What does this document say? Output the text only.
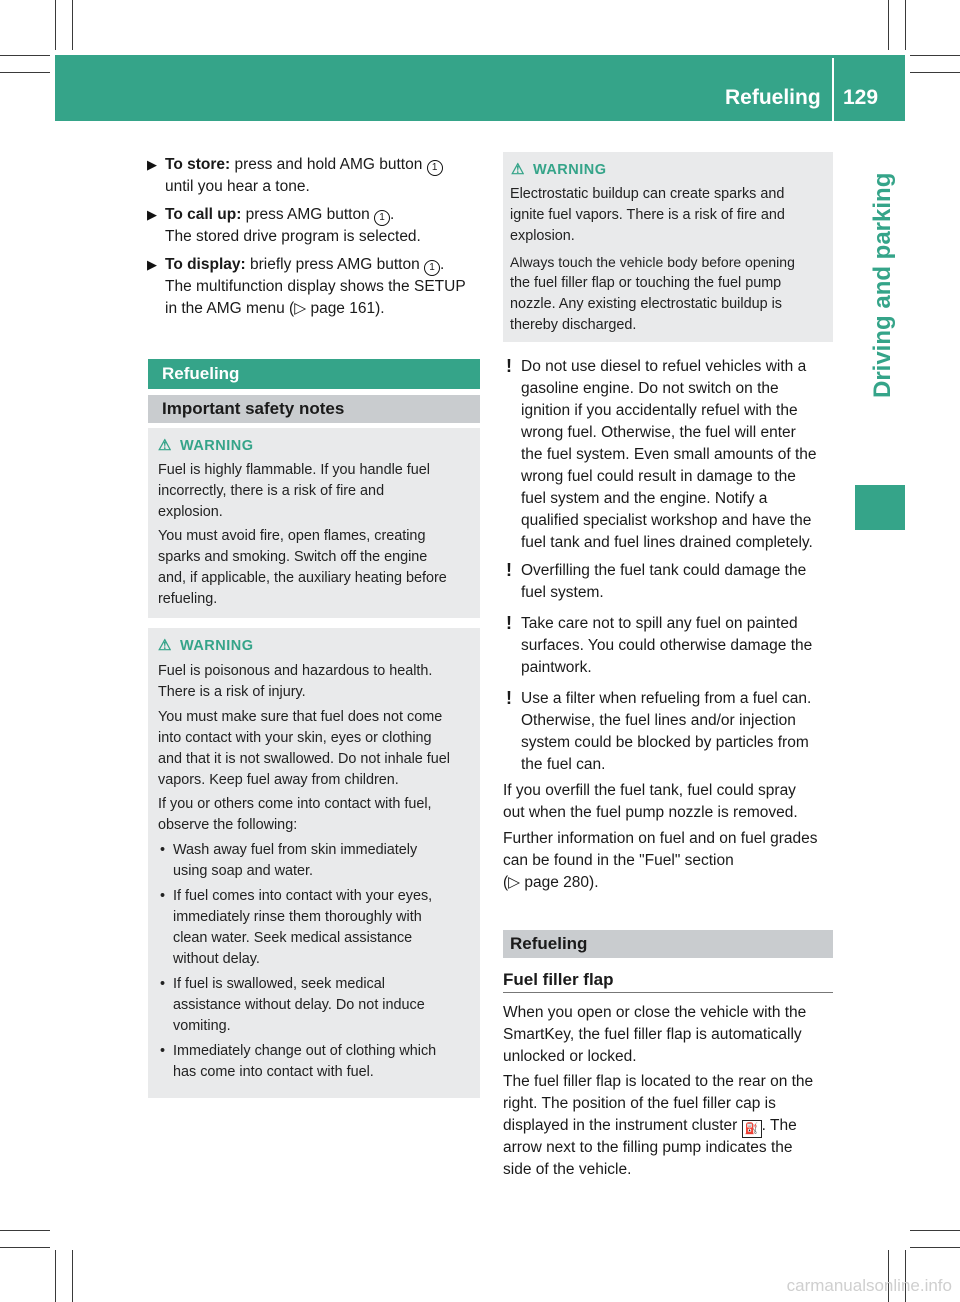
Refueling 129
Driving and parking
▶ To store: press and hold AMG button 1
until you hear a tone.
▶ To call up: press AMG button 1 .
The stored drive program is selected.
▶ To display: briefly press AMG button 1 .
The multifunction display shows the SETUP
in the AMG menu (▷ page 161).
Refueling
Important safety notes
⚠ WARNING
Fuel is highly flammable. If you handle fuel
incorrectly, there is a risk of fire and
explosion.
You must avoid fire, open flames, creating
sparks and smoking. Switch off the engine
and, if applicable, the auxiliary heating before
refueling.
⚠ WARNING
Fuel is poisonous and hazardous to health.
There is a risk of injury.
You must make sure that fuel does not come
into contact with your skin, eyes or clothing
and that it is not swallowed. Do not inhale fuel
vapors. Keep fuel away from children.
If you or others come into contact with fuel,
observe the following:
• Wash away fuel from skin immediately
using soap and water.
• If fuel comes into contact with your eyes,
immediately rinse them thoroughly with
clean water. Seek medical assistance
without delay.
• If fuel is swallowed, seek medical
assistance without delay. Do not induce
vomiting.
• Immediately change out of clothing which
has come into contact with fuel.
⚠ WARNING
Electrostatic buildup can create sparks and
ignite fuel vapors. There is a risk of fire and
explosion.
Always touch the vehicle body before opening
the fuel filler flap or touching the fuel pump
nozzle. Any existing electrostatic buildup is
thereby discharged.
! Do not use diesel to refuel vehicles with a
gasoline engine. Do not switch on the
ignition if you accidentally refuel with the
wrong fuel. Otherwise, the fuel will enter
the fuel system. Even small amounts of the
wrong fuel could result in damage to the
fuel system and the engine. Notify a
qualified specialist workshop and have the
fuel tank and fuel lines drained completely.
! Overfilling the fuel tank could damage the
fuel system.
! Take care not to spill any fuel on painted
surfaces. You could otherwise damage the
paintwork.
! Use a filter when refueling from a fuel can.
Otherwise, the fuel lines and/or injection
system could be blocked by particles from
the fuel can.
If you overfill the fuel tank, fuel could spray
out when the fuel pump nozzle is removed.
Further information on fuel and on fuel grades
can be found in the "Fuel" section
(▷ page 280).
Refueling
Fuel filler flap
When you open or close the vehicle with the
SmartKey, the fuel filler flap is automatically
unlocked or locked.
The fuel filler flap is located to the rear on the
right. The position of the fuel filler cap is
displayed in the instrument cluster ⛽ . The
arrow next to the filling pump indicates the
side of the vehicle.
carmanualsonline.info
